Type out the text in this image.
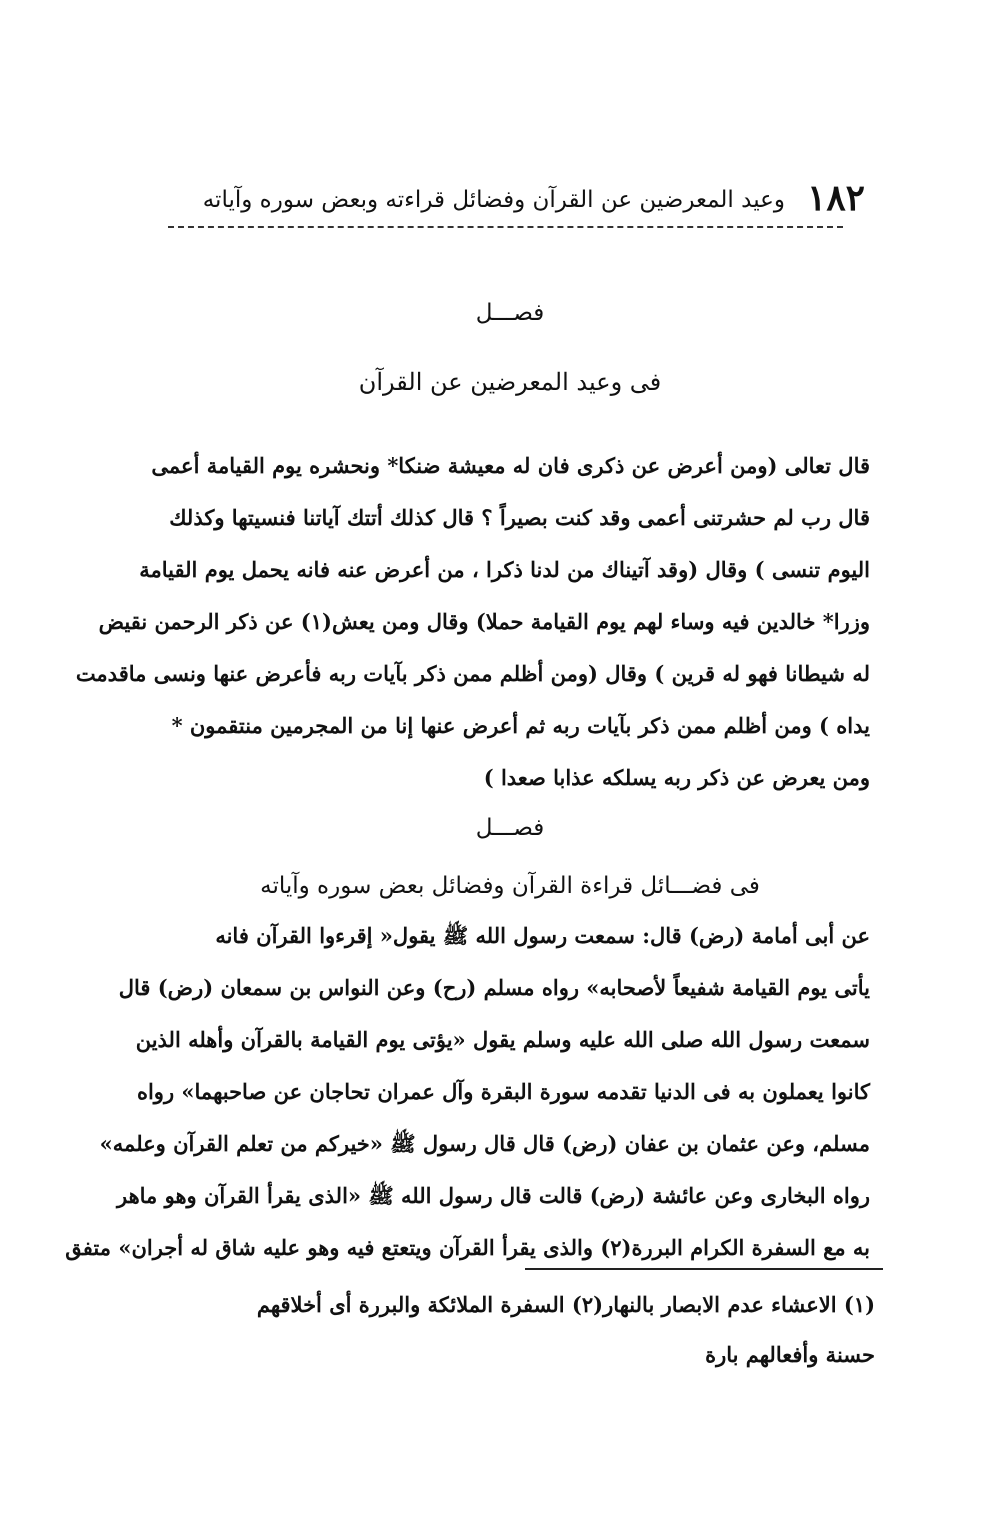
١٨٢
وعيد المعرضين عن القرآن وفضائل قراءته وبعض سوره وآياته
فصـــل
فى وعيد المعرضين عن القرآن
قال تعالى (ومن أعرض عن ذكرى فان له معيشة ضنكا* ونحشره يوم القيامة أعمى
قال رب لم حشرتنى أعمى وقد كنت بصيراً ؟ قال كذلك أتتك آياتنا فنسيتها وكذلك
اليوم تنسى ) وقال (وقد آتيناك من لدنا ذكرا ، من أعرض عنه فانه يحمل يوم القيامة
وزرا* خالدين فيه وساء لهم يوم القيامة حملا) وقال ومن يعش(١) عن ذكر الرحمن نقيض
له شيطانا فهو له قرين ) وقال (ومن أظلم ممن ذكر بآيات ربه فأعرض عنها ونسى ماقدمت
يداه ) ومن أظلم ممن ذكر بآيات ربه ثم أعرض عنها إنا من المجرمين منتقمون *
ومن يعرض عن ذكر ربه يسلكه عذابا صعدا )
فصـــل
فى فضـــائل قراءة القرآن وفضائل بعض سوره وآياته
عن أبى أمامة (رض) قال: سمعت رسول الله ﷺ يقول« إقرءوا القرآن فانه
يأتى يوم القيامة شفيعاً لأصحابه» رواه مسلم (رح) وعن النواس بن سمعان (رض) قال
سمعت رسول الله صلى الله عليه وسلم يقول «يؤتى يوم القيامة بالقرآن وأهله الذين
كانوا يعملون به فى الدنيا تقدمه سورة البقرة وآل عمران تحاجان عن صاحبهما» رواه
مسلم، وعن عثمان بن عفان (رض) قال قال رسول ﷺ «خيركم من تعلم القرآن وعلمه»
رواه البخارى وعن عائشة (رض) قالت قال رسول الله ﷺ «الذى يقرأ القرآن وهو ماهر
به مع السفرة الكرام البررة(٢) والذى يقرأ القرآن ويتعتع فيه وهو عليه شاق له أجران» متفق
(١) الاعشاء عدم الابصار بالنهار(٢) السفرة الملائكة والبررة أى أخلاقهم
حسنة وأفعالهم بارة
